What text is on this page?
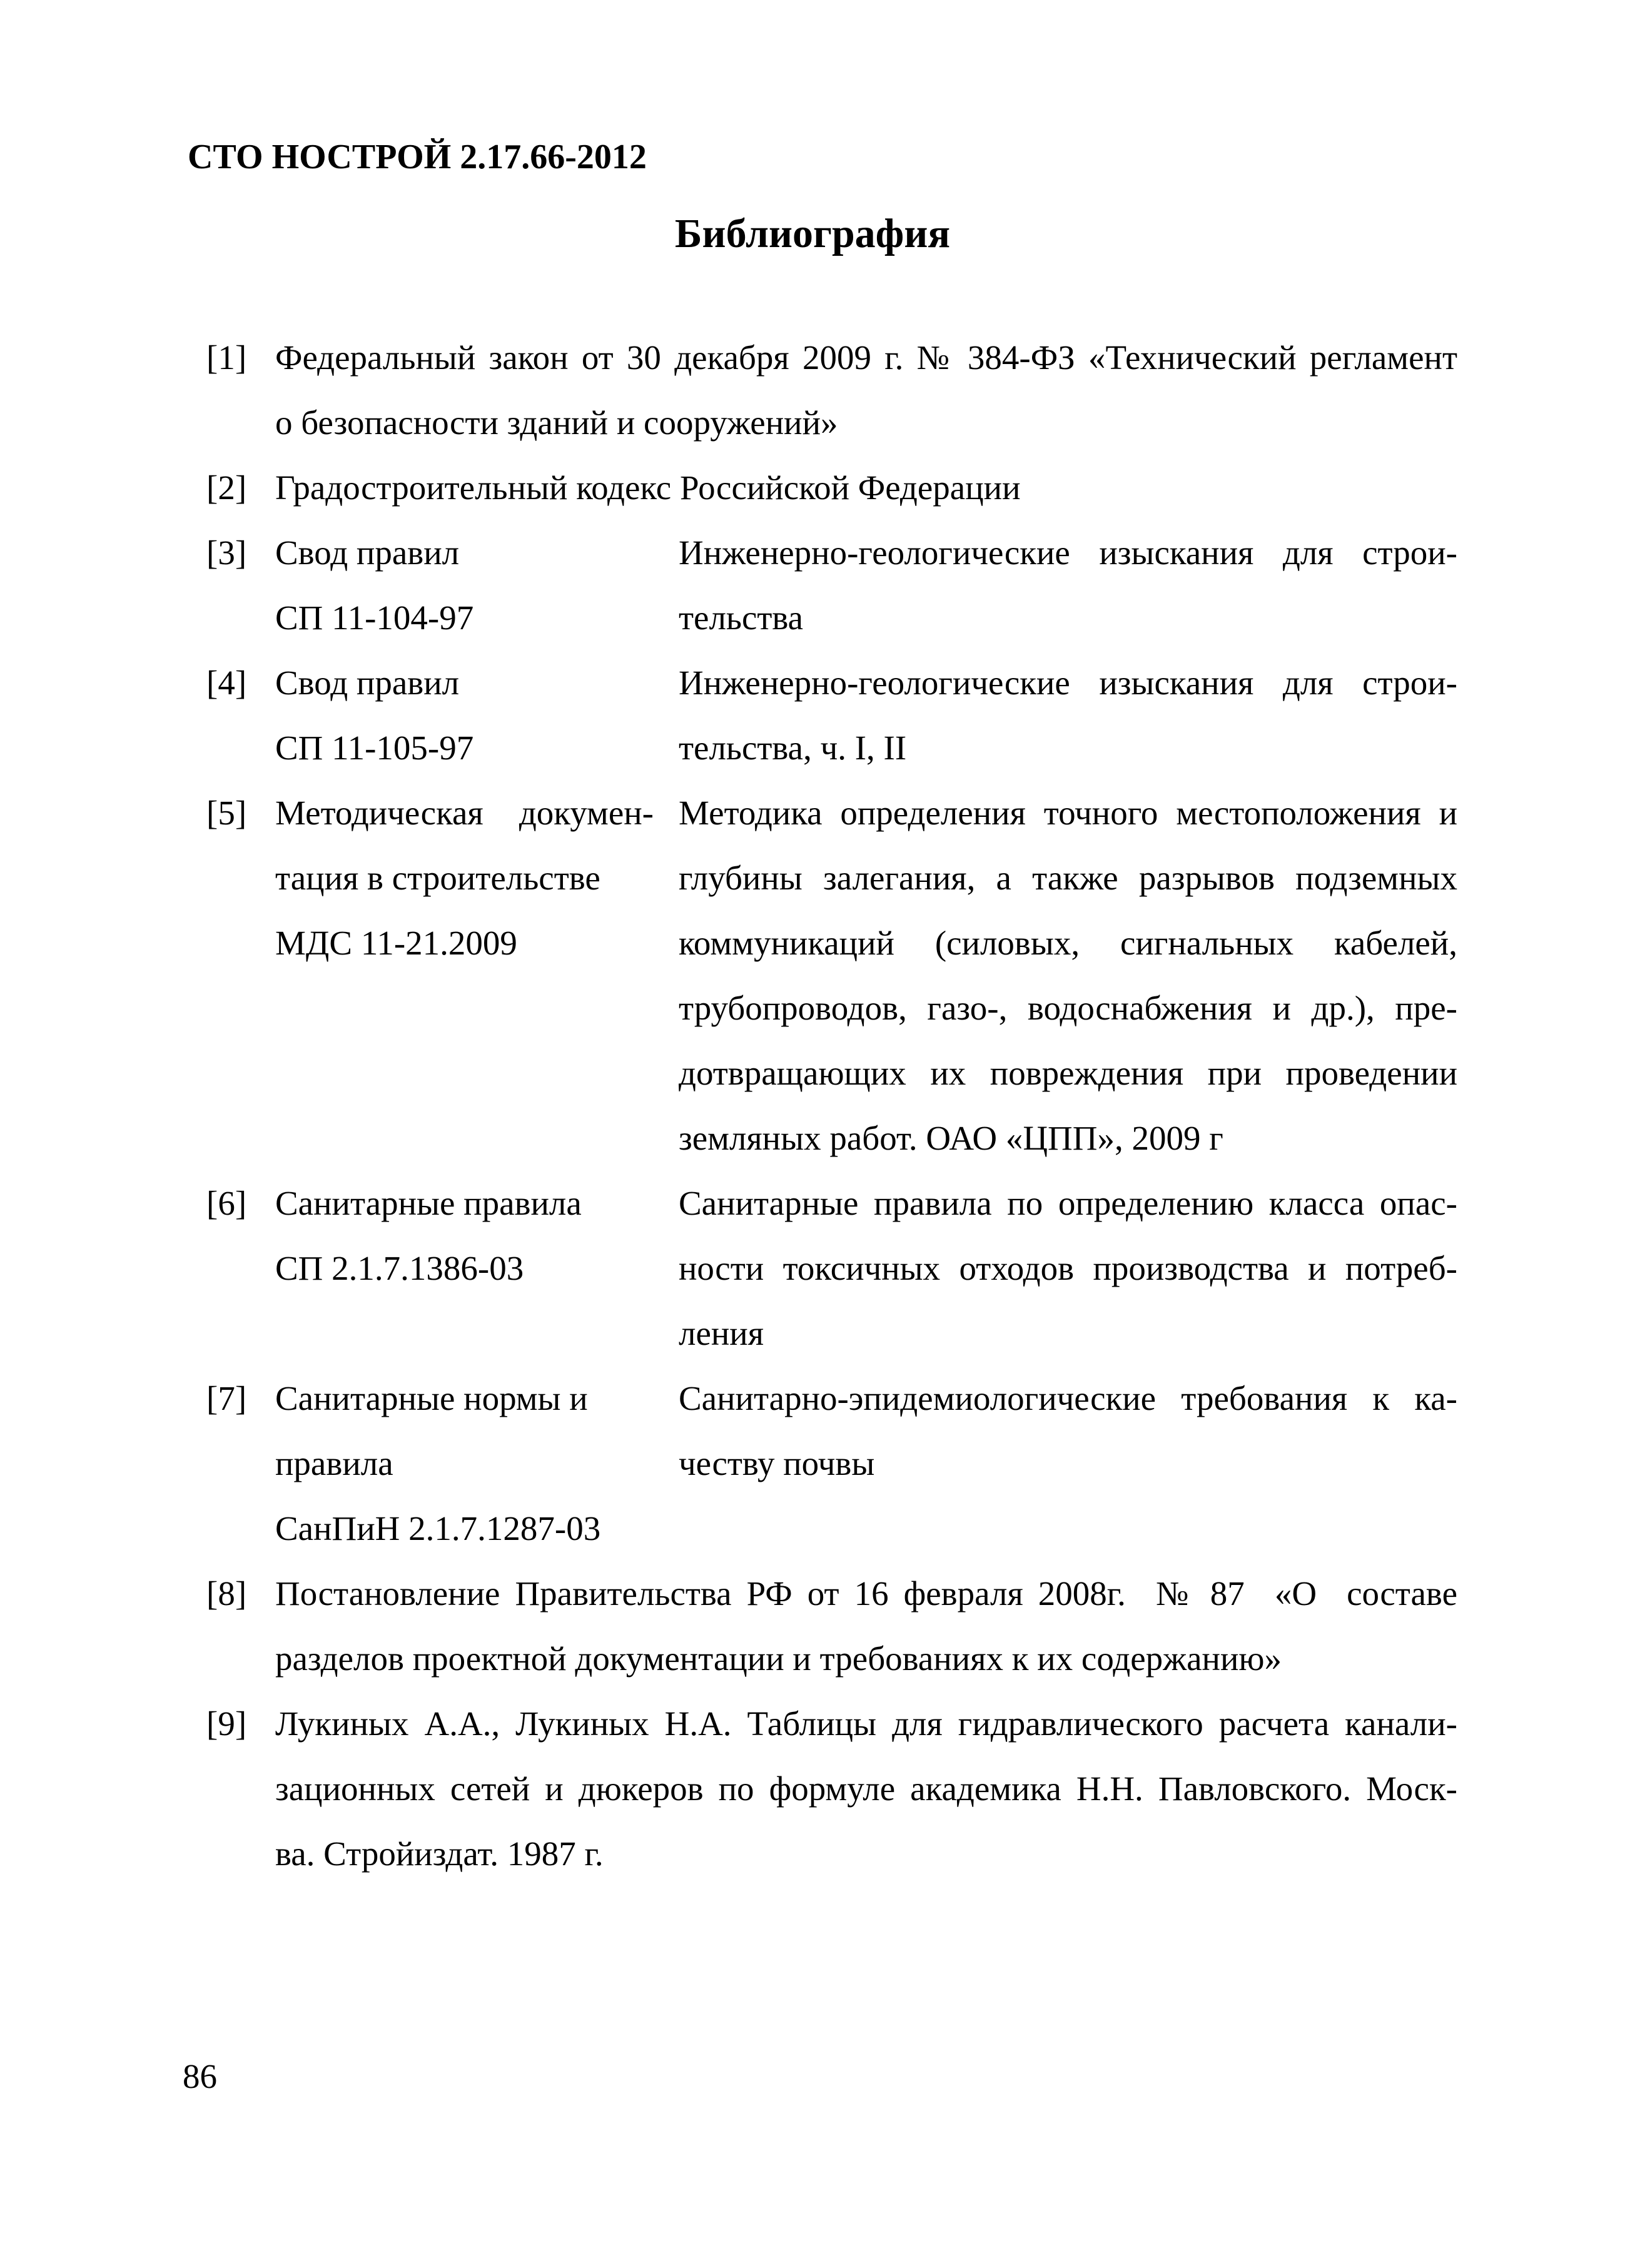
СТО НОСТРОЙ 2.17.66-2012
Библиография
[1] Федеральный закон от 30 декабря 2009 г. № 384-ФЗ «Технический регламент
о безопасности зданий и сооружений»
[2] Градостроительный кодекс Российской Федерации
[3] Свод правил
СП 11-104-97
Инженерно-геологические изыскания для строи-
тельства
[4] Свод правил
СП 11-105-97
Инженерно-геологические изыскания для строи-
тельства, ч. I, II
[5] Методическая докумен-
тация в строительстве
МДС 11-21.2009
Методика определения точного местоположения и
глубины залегания, а также разрывов подземных
коммуникаций (силовых, сигнальных кабелей,
трубопроводов, газо-, водоснабжения и др.), пре-
дотвращающих их повреждения при проведении
земляных работ. ОАО «ЦПП», 2009 г
[6] Санитарные правила
СП 2.1.7.1386-03
Санитарные правила по определению класса опас-
ности токсичных отходов производства и потреб-
ления
[7] Санитарные нормы и
правила
СанПиН 2.1.7.1287-03
Санитарно-эпидемиологические требования к ка-
честву почвы
[8] Постановление Правительства РФ от 16 февраля 2008г.  № 87  «О  составе
разделов проектной документации и требованиях к их содержанию»
[9] Лукиных А.А., Лукиных Н.А. Таблицы для гидравлического расчета канали-
зационных сетей и дюкеров по формуле академика Н.Н. Павловского. Моск-
ва. Стройиздат. 1987 г.
86
